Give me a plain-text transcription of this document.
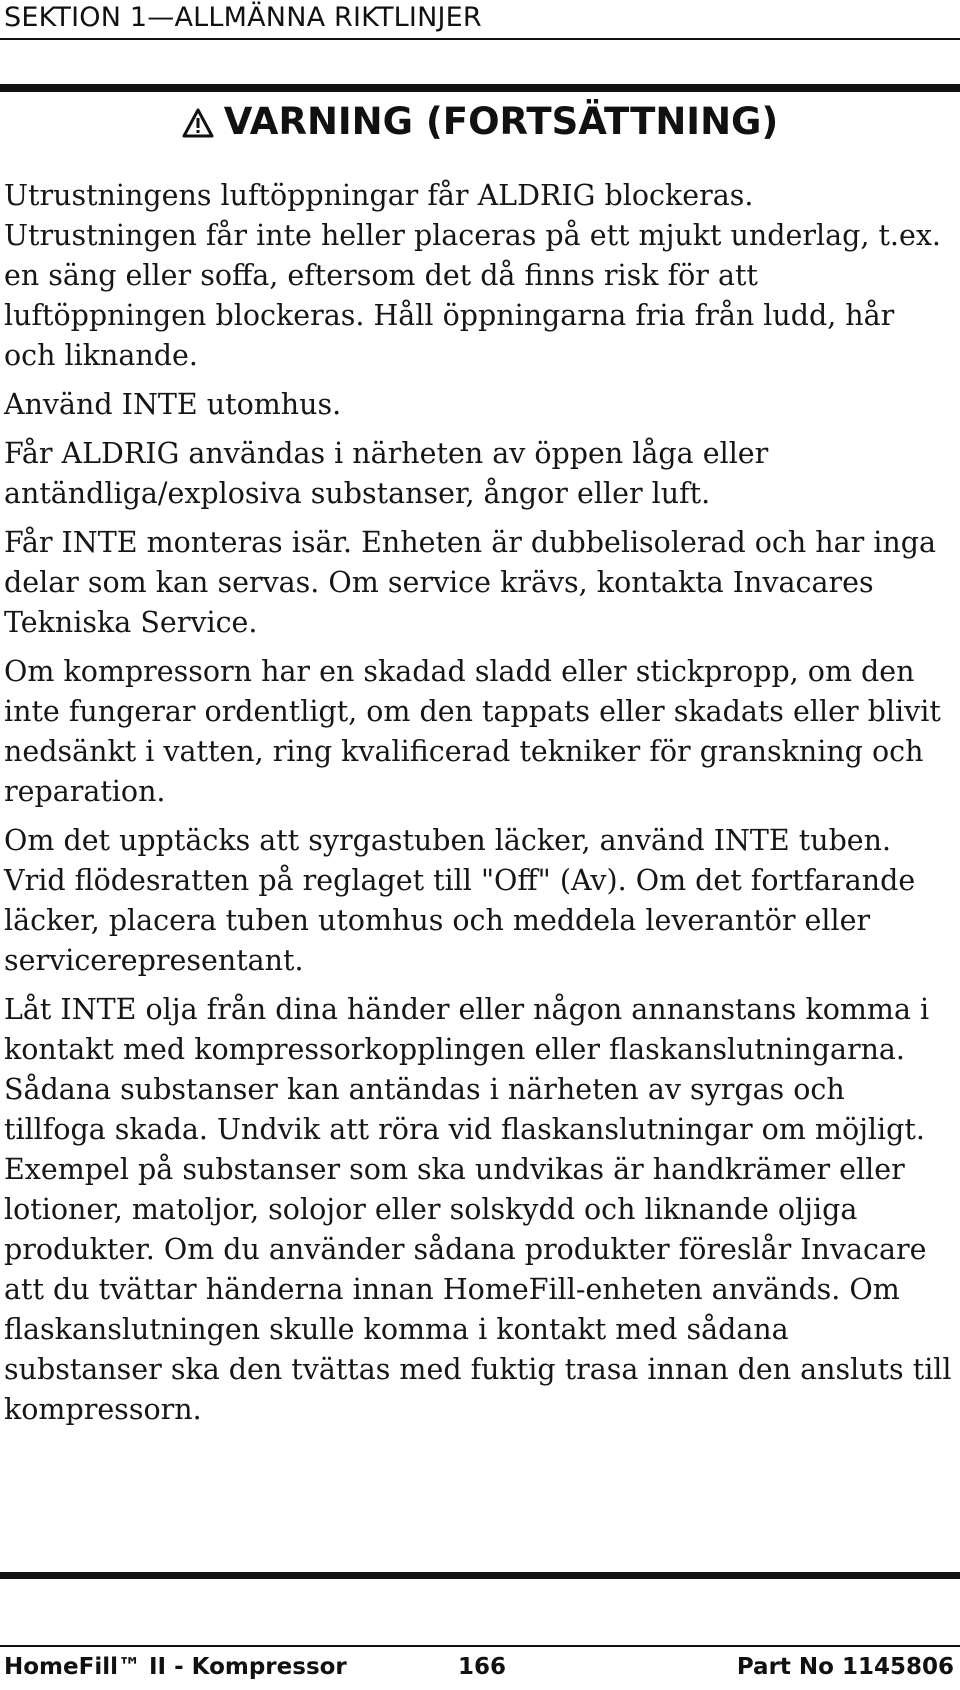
SEKTION 1—ALLMÄNNA RIKTLINJER
VARNING (FORTSÄTTNING)

Utrustningens luftöppningar får ALDRIG blockeras. Utrustningen får inte heller placeras på ett mjukt underlag, t.ex. en säng eller soffa, eftersom det då finns risk för att luftöppningen blockeras. Håll öppningarna fria från ludd, hår och liknande.

Använd INTE utomhus.

Får ALDRIG användas i närheten av öppen låga eller antändliga/explosiva substanser, ångor eller luft.

Får INTE monteras isär. Enheten är dubbelisolerad och har inga delar som kan servas. Om service krävs, kontakta Invacares Tekniska Service.

Om kompressorn har en skadad sladd eller stickpropp, om den inte fungerar ordentligt, om den tappats eller skadats eller blivit nedsänkt i vatten, ring kvalificerad tekniker för granskning och reparation.

Om det upptäcks att syrgastuben läcker, använd INTE tuben. Vrid flödesratten på reglaget till "Off" (Av). Om det fortfarande läcker, placera tuben utomhus och meddela leverantör eller servicerepresentant.

Låt INTE olja från dina händer eller någon annanstans komma i kontakt med kompressorkopplingen eller flaskanslutningarna. Sådana substanser kan antändas i närheten av syrgas och tillfoga skada. Undvik att röra vid flaskanslutningar om möjligt. Exempel på substanser som ska undvikas är handkrämer eller lotioner, matoljor, solojor eller solskydd och liknande oljiga produkter. Om du använder sådana produkter föreslår Invacare att du tvättar händerna innan HomeFill-enheten används. Om flaskanslutningen skulle komma i kontakt med sådana substanser ska den tvättas med fuktig trasa innan den ansluts till kompressorn.

HomeFill™ II - Kompressor	166	Part No 1145806
